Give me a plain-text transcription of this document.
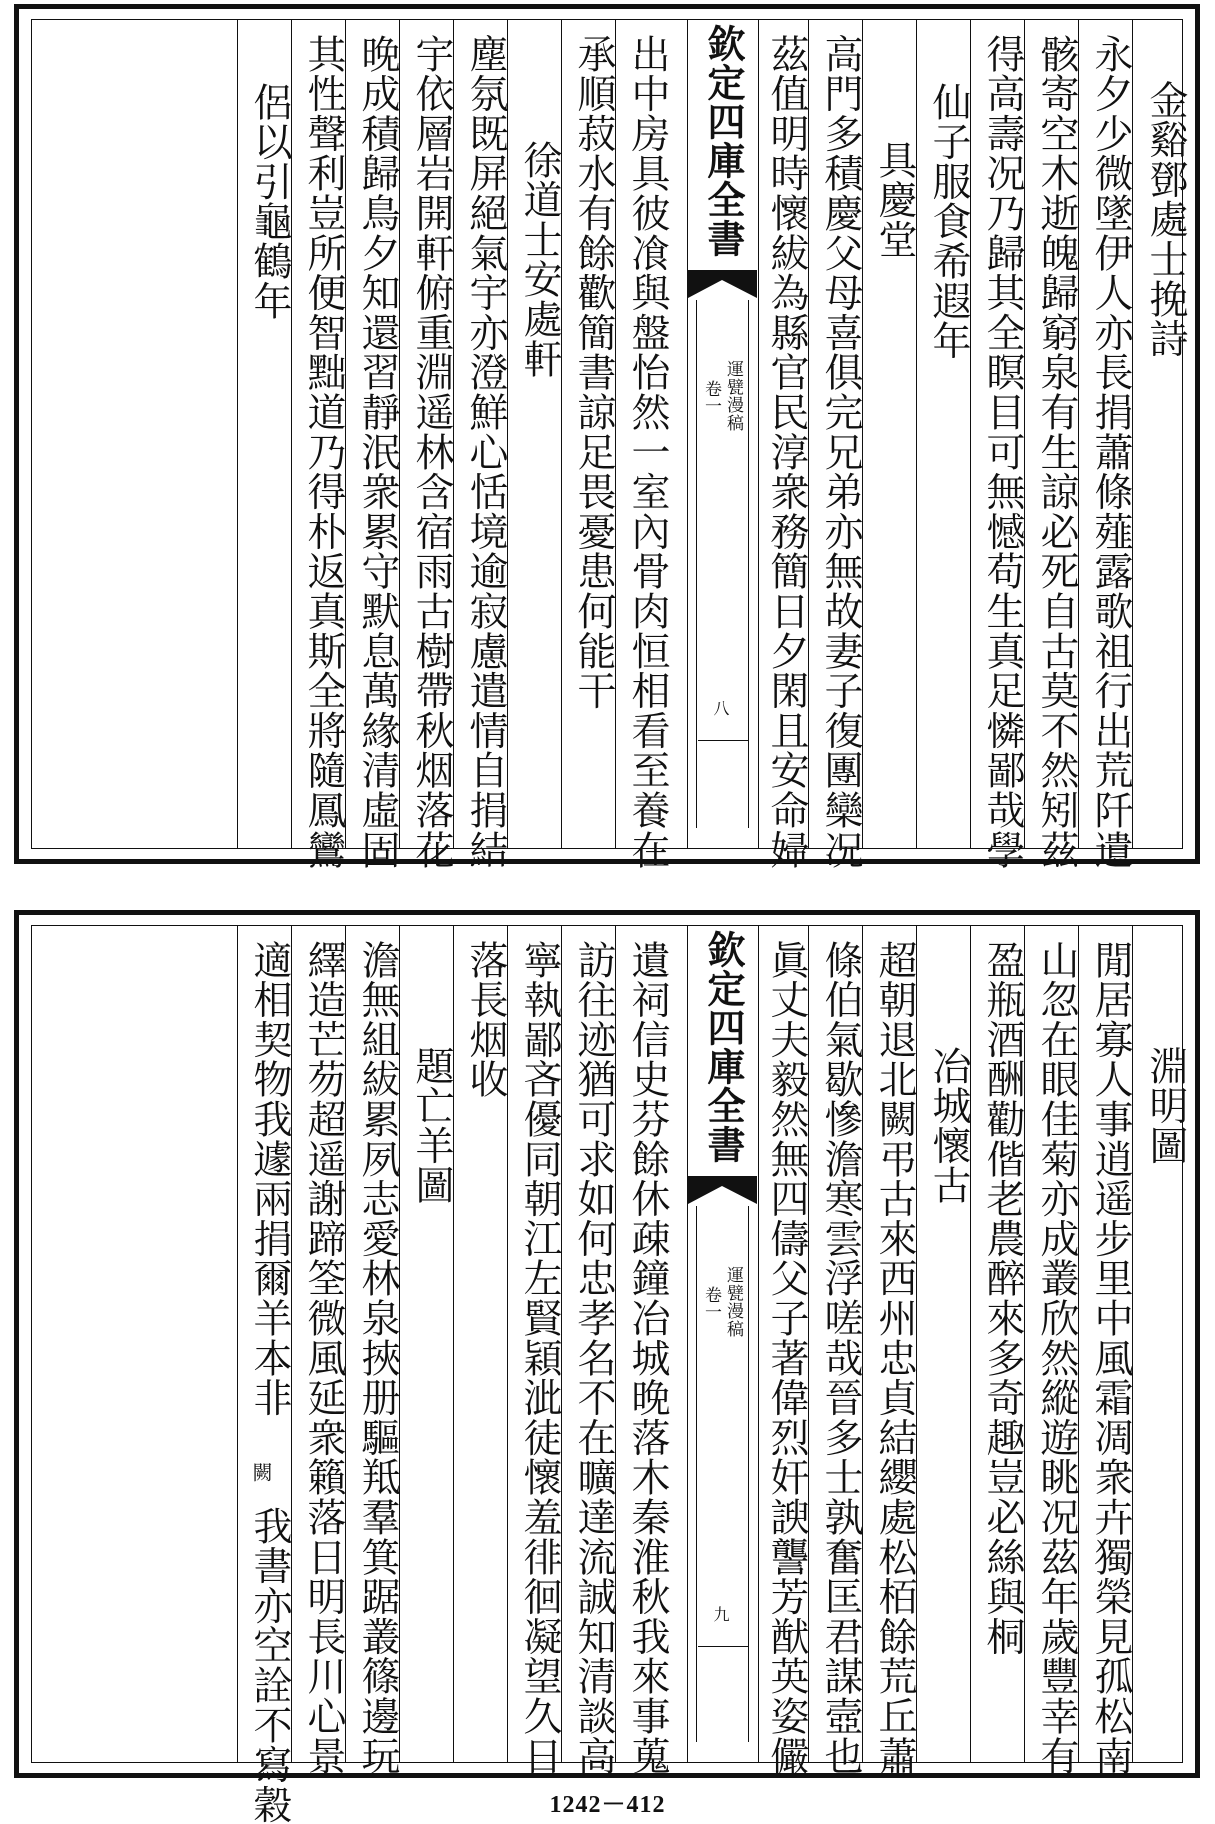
金谿鄧處士挽詩
永夕少微墜伊人亦長捐蕭條薤露歌祖行出荒阡遺
骸寄空木逝魄歸窮泉有生諒必死自古莫不然矧茲
得高壽况乃歸其全瞑目可無憾苟生真足憐鄙哉學
仙子服食希遐年
具慶堂
高門多積慶父母喜俱完兄弟亦無故妻子復團欒况
茲值明時懷紱為縣官民淳衆務簡日夕閑且安命婦
欽定四庫全書
運甓漫稿
卷一
八
出中房具彼飡與盤怡然一室內骨肉恒相看至養在
承順菽水有餘歡簡書諒足畏憂患何能干
徐道士安處軒
塵氛既屏絕氣宇亦澄鮮心恬境逾寂慮遣情自捐結
宇依層岩開軒俯重淵遥林含宿雨古樹帶秋烟落花
晚成積歸鳥夕知還習靜泯衆累守默息萬緣清虛固
其性聲利豈所便智黜道乃得朴返真斯全將隨鳳鸞
侶以引龜鶴年
淵明圖
閒居寡人事逍遥步里中風霜凋衆卉獨榮見孤松南
山忽在眼佳菊亦成叢欣然縱遊眺况茲年歲豐幸有
盈瓶酒酬勸偕老農醉來多奇趣豈必絲與桐
冶城懷古
超朝退北闕弔古來西州忠貞結纓處松栢餘荒丘蕭
條伯氣歇慘澹寒雲浮嗟哉晉多士孰奮匡君謀壼也
眞丈夫毅然無四儔父子著偉烈奸諛讋芳猷英姿儼
欽定四庫全書
運甓漫稿
卷一
九
遺祠信史芬餘休疎鐘冶城晚落木秦淮秋我來事蒐
訪往迹猶可求如何忠孝名不在曠達流誠知清談高
寧執鄙吝優同朝江左賢穎泚徒懷羞徘徊凝望久日
落長烟收
題亡羊圖
澹無組紱累夙志愛林泉挾册驅羝羣箕踞叢篠邊玩
繹造芒芴超遥謝蹄筌微風延衆籟落日明長川心景
適相契物我遽兩捐爾羊本非
闕
我書亦空詮不寫穀	1242－412
